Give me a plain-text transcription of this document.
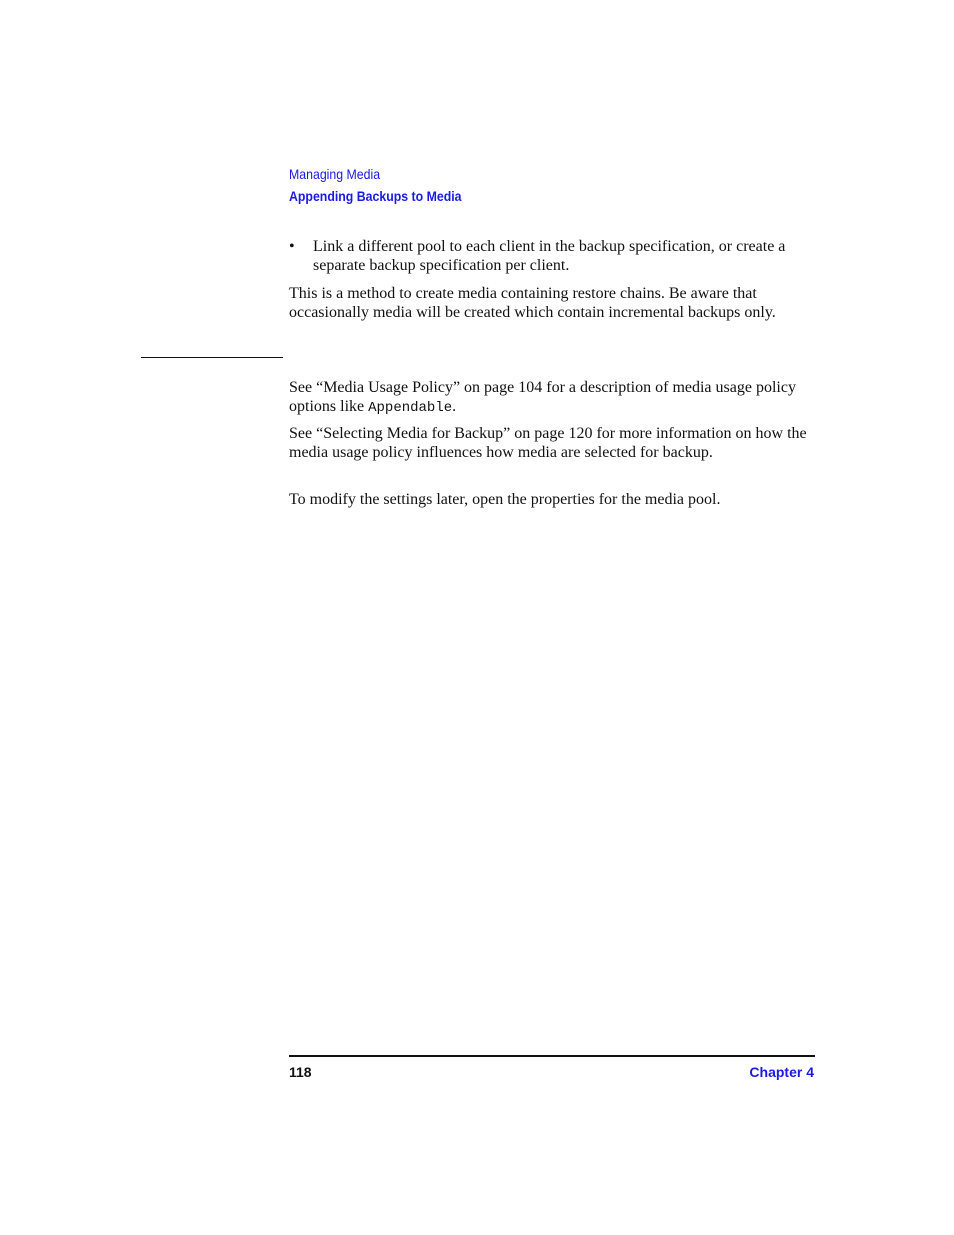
Managing Media
Appending Backups to Media
•	Link a different pool to each client in the backup specification, or create a separate backup specification per client.

This is a method to create media containing restore chains. Be aware that occasionally media will be created which contain incremental backups only.

See “Media Usage Policy” on page 104 for a description of media usage policy options like Appendable.

See “Selecting Media for Backup” on page 120 for more information on how the media usage policy influences how media are selected for backup.

To modify the settings later, open the properties for the media pool.

118	Chapter 4
